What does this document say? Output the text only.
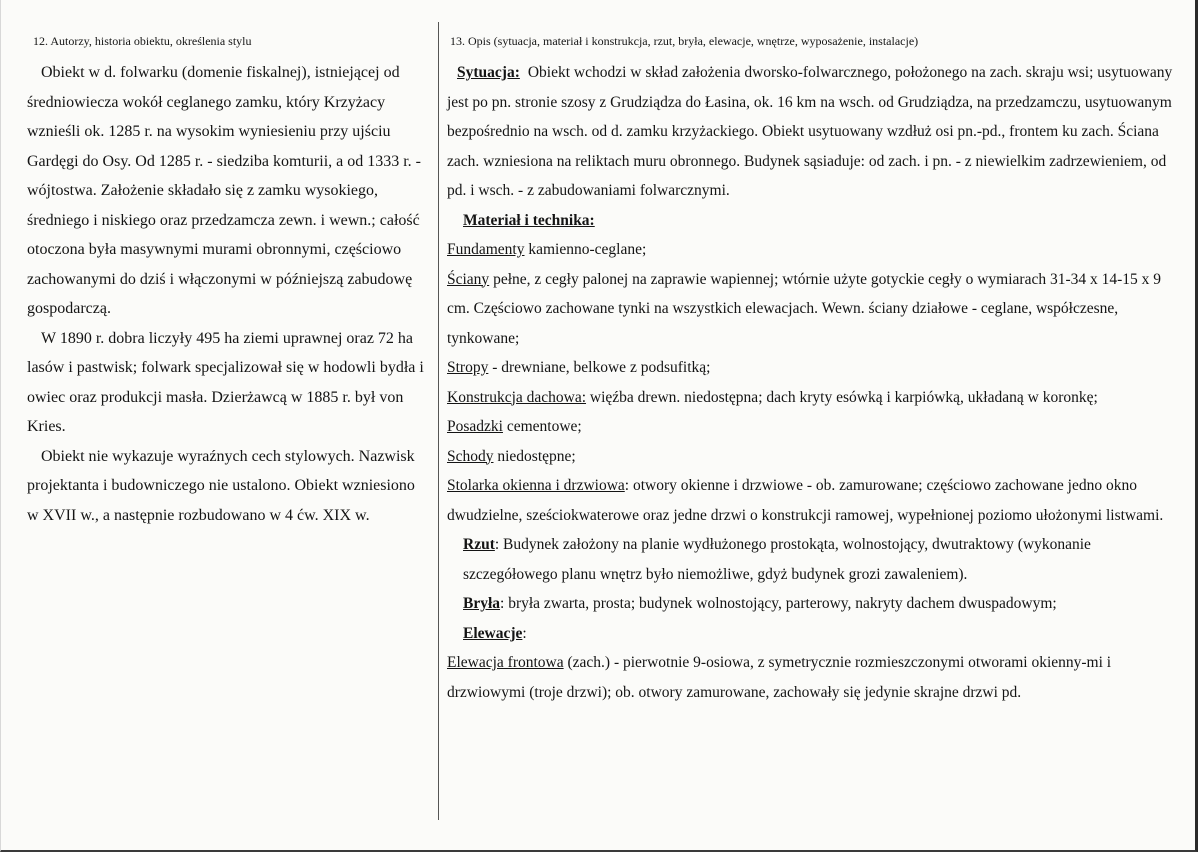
12. Autorzy, historia obiektu, określenia stylu

Obiekt w d. folwarku (domenie fiskalnej), istniejącej od średniowiecza wokół ceglanego zamku, który Krzyżacy wznieśli ok. 1285 r. na wysokim wyniesieniu przy ujściu Gardęgi do Osy. Od 1285 r. - siedziba komturii, a od 1333 r. - wójtostwa. Założenie składało się z zamku wysokiego, średniego i niskiego oraz przedzamcza zewn. i wewn.; całość otoczona była masywnymi murami obronnymi, częściowo zachowanymi do dziś i włączonymi w późniejszą zabudowę gospodarczą.

W 1890 r. dobra liczyły 495 ha ziemi uprawnej oraz 72 ha lasów i pastwisk; folwark specjalizował się w hodowli bydła i owiec oraz produkcji masła. Dzierżawcą w 1885 r. był von Kries.

Obiekt nie wykazuje wyraźnych cech stylowych. Nazwisk projektanta i budowniczego nie ustalono. Obiekt wzniesiono w XVII w., a następnie rozbudowano w 4 ćw. XIX w.

13. Opis (sytuacja, materiał i konstrukcja, rzut, bryła, elewacje, wnętrze, wyposażenie, instalacje)

Sytuacja: Obiekt wchodzi w skład założenia dworsko-folwarcznego, położonego na zach. skraju wsi; usytuowany jest po pn. stronie szosy z Grudziądza do Łasina, ok. 16 km na wsch. od Grudziądza, na przedzamczu, usytuowanym bezpośrednio na wsch. od d. zamku krzyżackiego. Obiekt usytuowany wzdłuż osi pn.-pd., frontem ku zach. Ściana zach. wzniesiona na reliktach muru obronnego. Budynek sąsiaduje: od zach. i pn. - z niewielkim zadrzewieniem, od pd. i wsch. - z zabudowaniami folwarcznymi.

Materiał i technika:

Fundamenty kamienno-ceglane;

Ściany pełne, z cegły palonej na zaprawie wapiennej; wtórnie użyte gotyckie cegły o wymiarach 31-34 x 14-15 x 9 cm. Częściowo zachowane tynki na wszystkich elewacjach. Wewn. ściany działowe - ceglane, współczesne, tynkowane;

Stropy - drewniane, belkowe z podsufitką;

Konstrukcja dachowa: więźba drewn. niedostępna; dach kryty esówką i karpiówką, układaną w koronkę;

Posadzki cementowe;

Schody niedostępne;

Stolarka okienna i drzwiowa: otwory okienne i drzwiowe - ob. zamurowane; częściowo zachowane jedno okno dwudzielne, sześciokwaterowe oraz jedne drzwi o konstrukcji ramowej, wypełnionej poziomo ułożonymi listwami.

Rzut: Budynek założony na planie wydłużonego prostokąta, wolnostojący, dwutraktowy (wykonanie szczegółowego planu wnętrz było niemożliwe, gdyż budynek grozi zawaleniem).

Bryła: bryła zwarta, prosta; budynek wolnostojący, parterowy, nakryty dachem dwuspadowym;

Elewacje:

Elewacja frontowa (zach.) - pierwotnie 9-osiowa, z symetrycznie rozmieszczonymi otworami okienny-mi i drzwiowymi (troje drzwi); ob. otwory zamurowane, zachowały się jedynie skrajne drzwi pd.
